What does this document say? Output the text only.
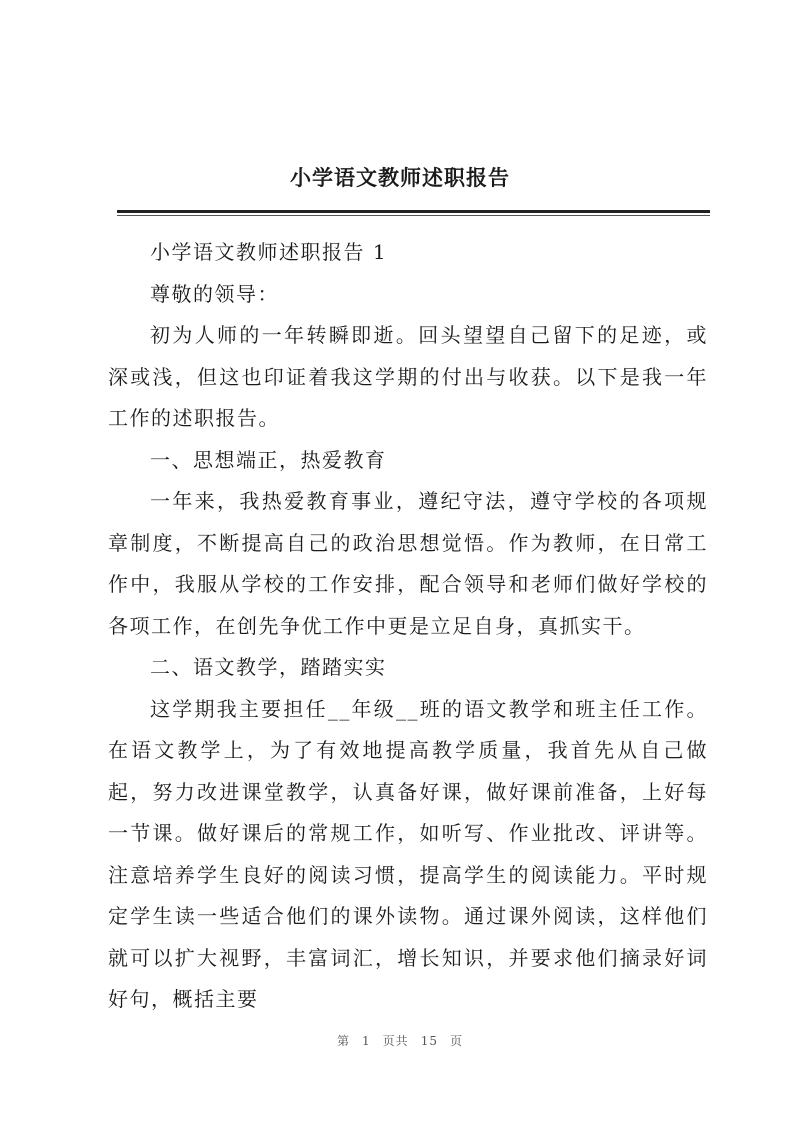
小学语文教师述职报告

小学语文教师述职报告 1

尊敬的领导：

初为人师的一年转瞬即逝。回头望望自己留下的足迹，或深或浅，但这也印证着我这学期的付出与收获。以下是我一年工作的述职报告。

一、思想端正，热爱教育

一年来，我热爱教育事业，遵纪守法，遵守学校的各项规章制度，不断提高自己的政治思想觉悟。作为教师，在日常工作中，我服从学校的工作安排，配合领导和老师们做好学校的各项工作，在创先争优工作中更是立足自身，真抓实干。

二、语文教学，踏踏实实

这学期我主要担任__年级__班的语文教学和班主任工作。在语文教学上，为了有效地提高教学质量，我首先从自己做起，努力改进课堂教学，认真备好课，做好课前准备，上好每一节课。做好课后的常规工作，如听写、作业批改、评讲等。注意培养学生良好的阅读习惯，提高学生的阅读能力。平时规定学生读一些适合他们的课外读物。通过课外阅读，这样他们就可以扩大视野，丰富词汇，增长知识，并要求他们摘录好词好句，概括主要

第 1 页共 15 页
